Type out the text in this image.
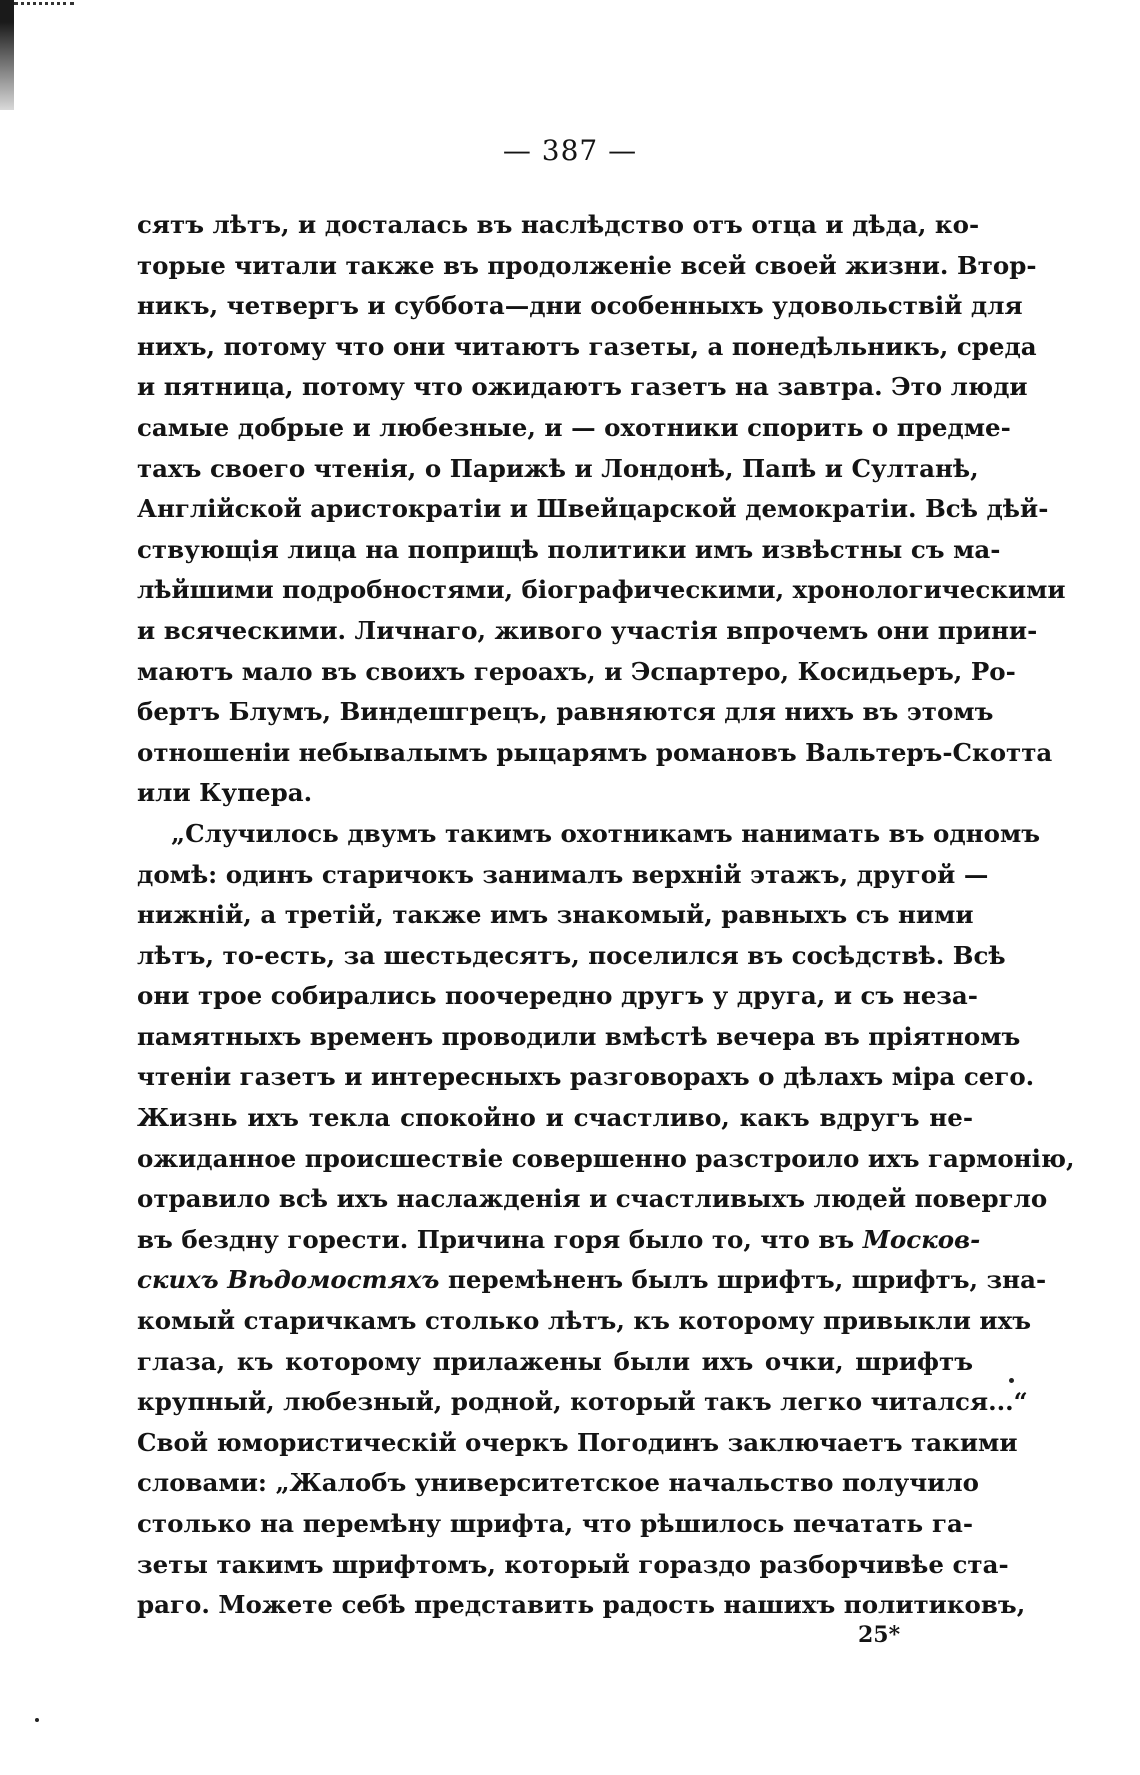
— 387 —
сятъ лѣтъ, и досталась въ наслѣдство отъ отца и дѣда, ко-
торые читали также въ продолженіе всей своей жизни. Втор-
никъ, четвергъ и суббота—дни особенныхъ удовольствій для
нихъ, потому что они читаютъ газеты, а понедѣльникъ, среда
и пятница, потому что ожидаютъ газетъ на завтра. Это люди
самые добрые и любезные, и — охотники спорить о предме-
тахъ своего чтенія, о Парижѣ и Лондонѣ, Папѣ и Султанѣ,
Англійской аристократіи и Швейцарской демократіи. Всѣ дѣй-
ствующія лица на поприщѣ политики имъ извѣстны съ ма-
лѣйшими подробностями, біографическими, хронологическими
и всяческими. Личнаго, живого участія впрочемъ они прини-
маютъ мало въ своихъ героахъ, и Эспартеро, Косидьеръ, Ро-
бертъ Блумъ, Виндешгрецъ, равняются для нихъ въ этомъ
отношеніи небывалымъ рыцарямъ романовъ Вальтеръ-Скотта
или Купера.
„Случилось двумъ такимъ охотникамъ нанимать въ одномъ
домѣ: одинъ старичокъ занималъ верхній этажъ, другой —
нижній, а третій, также имъ знакомый, равныхъ съ ними
лѣтъ, то-есть, за шестьдесятъ, поселился въ сосѣдствѣ. Всѣ
они трое собирались поочередно другъ у друга, и съ неза-
памятныхъ временъ проводили вмѣстѣ вечера въ пріятномъ
чтеніи газетъ и интересныхъ разговорахъ о дѣлахъ міра сего.
Жизнь ихъ текла спокойно и счастливо, какъ вдругъ не-
ожиданное происшествіе совершенно разстроило ихъ гармонію,
отравило всѣ ихъ наслажденія и счастливыхъ людей повергло
въ бездну горести. Причина горя было то, что въ Москов-
скихъ Вѣдомостяхъ перемѣненъ былъ шрифтъ, шрифтъ, зна-
комый старичкамъ столько лѣтъ, къ которому привыкли ихъ
глаза, къ которому прилажены были ихъ очки, шрифтъ
крупный, любезный, родной, который такъ легко читался...“
Свой юмористическій очеркъ Погодинъ заключаетъ такими
словами: „Жалобъ университетское начальство получило
столько на перемѣну шрифта, что рѣшилось печатать га-
зеты такимъ шрифтомъ, который гораздо разборчивѣе ста-
раго. Можете себѣ представить радость нашихъ политиковъ,
25*
